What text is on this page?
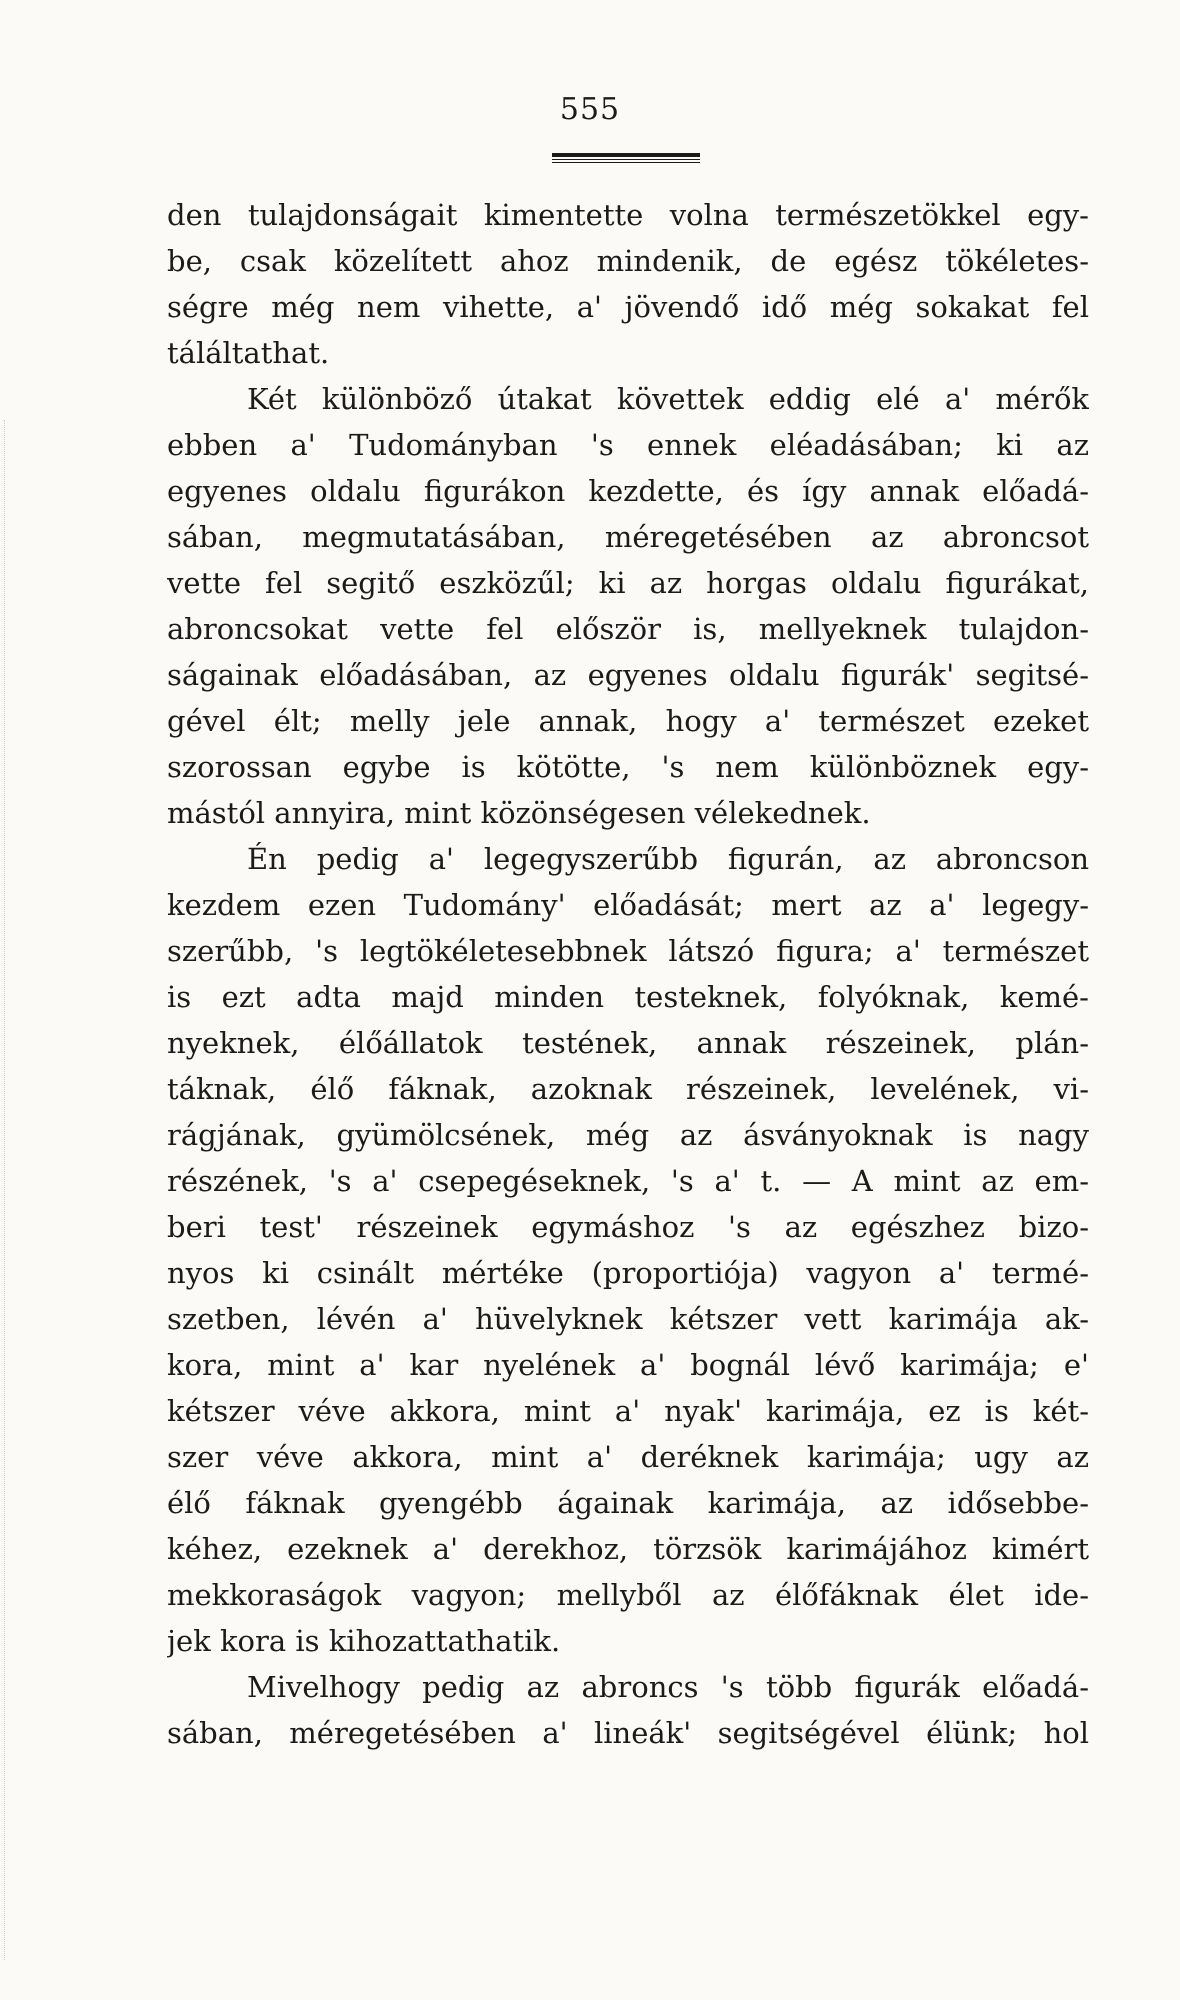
555
den tulajdonságait kimentette volna természetökkel egy-
be, csak közelített ahoz mindenik, de egész tökéletes-
ségre még nem vihette, a' jövendő idő még sokakat fel
táláltathat.
Két különböző útakat követtek eddig elé a' mérők
ebben a' Tudományban 's ennek eléadásában; ki az
egyenes oldalu figurákon kezdette, és így annak előadá-
sában, megmutatásában, méregetésében az abroncsot
vette fel segitő eszközűl; ki az horgas oldalu figurákat,
abroncsokat vette fel először is, mellyeknek tulajdon-
ságainak előadásában, az egyenes oldalu figurák' segitsé-
gével élt; melly jele annak, hogy a' természet ezeket
szorossan egybe is kötötte, 's nem különböznek egy-
mástól annyira, mint közönségesen vélekednek.
Én pedig a' legegyszerűbb figurán, az abroncson
kezdem ezen Tudomány' előadását; mert az a' legegy-
szerűbb, 's legtökéletesebbnek látszó figura; a' természet
is ezt adta majd minden testeknek, folyóknak, kemé-
nyeknek, élőállatok testének, annak részeinek, plán-
táknak, élő fáknak, azoknak részeinek, levelének, vi-
rágjának, gyümölcsének, még az ásványoknak is nagy
részének, 's a' csepegéseknek, 's a' t. — A mint az em-
beri test' részeinek egymáshoz 's az egészhez bizo-
nyos ki csinált mértéke (proportiója) vagyon a' termé-
szetben, lévén a' hüvelyknek kétszer vett karimája ak-
kora, mint a' kar nyelének a' bognál lévő karimája; e'
kétszer véve akkora, mint a' nyak' karimája, ez is két-
szer véve akkora, mint a' deréknek karimája; ugy az
élő fáknak gyengébb ágainak karimája, az idősebbe-
kéhez, ezeknek a' derekhoz, törzsök karimájához kimért
mekkoraságok vagyon; mellyből az élőfáknak élet ide-
jek kora is kihozattathatik.
Mivelhogy pedig az abroncs 's több figurák előadá-
sában, méregetésében a' lineák' segitségével élünk; hol
